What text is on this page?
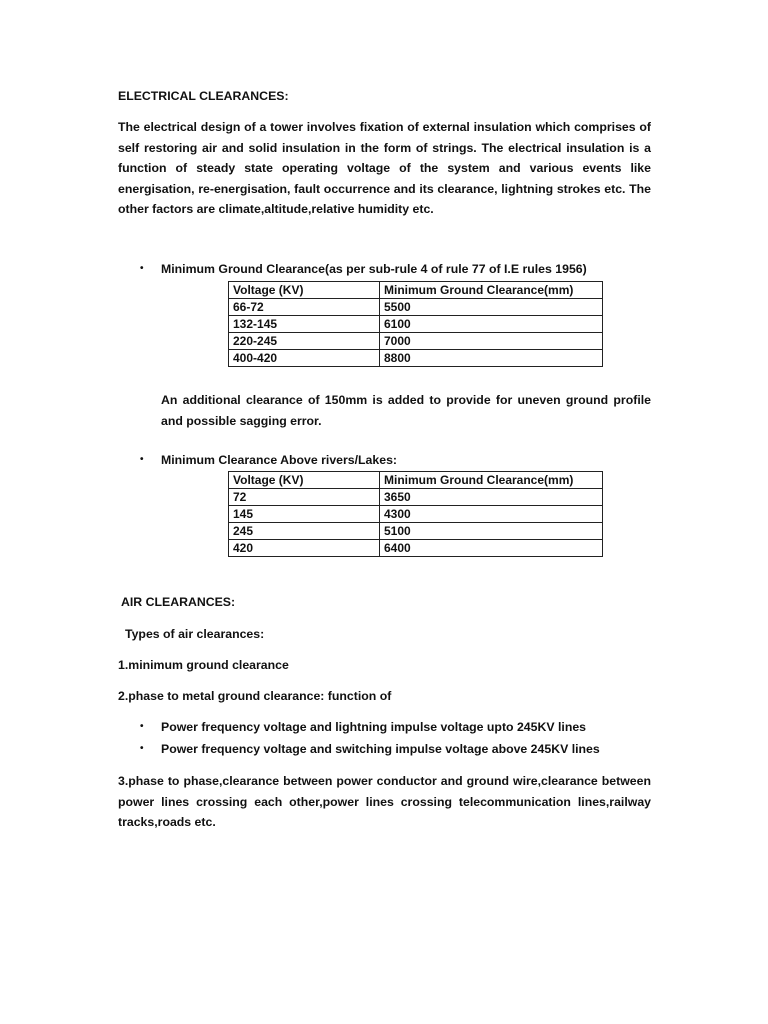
ELECTRICAL CLEARANCES:
The electrical design of a tower involves fixation of external insulation which comprises of self restoring air and solid insulation in the form of strings. The electrical insulation is a function of steady state operating voltage of the system and various events like energisation, re-energisation, fault occurrence and its clearance, lightning strokes etc. The other factors are climate,altitude,relative humidity etc.
• Minimum Ground Clearance(as per sub-rule 4 of rule 77 of I.E rules 1956)
Voltage (KV)	Minimum Ground Clearance(mm)
66-72	5500
132-145	6100
220-245	7000
400-420	8800
An additional clearance of 150mm is added to provide for uneven ground profile and possible sagging error.
• Minimum Clearance Above rivers/Lakes:
Voltage (KV)	Minimum Ground Clearance(mm)
72	3650
145	4300
245	5100
420	6400
AIR CLEARANCES:
Types of air clearances:
1.minimum ground clearance
2.phase to metal ground clearance: function of
• Power frequency voltage and lightning impulse voltage upto 245KV lines
• Power frequency voltage and switching impulse voltage above 245KV lines
3.phase to phase,clearance between power conductor and ground wire,clearance between power lines crossing each other,power lines crossing telecommunication lines,railway tracks,roads etc.
